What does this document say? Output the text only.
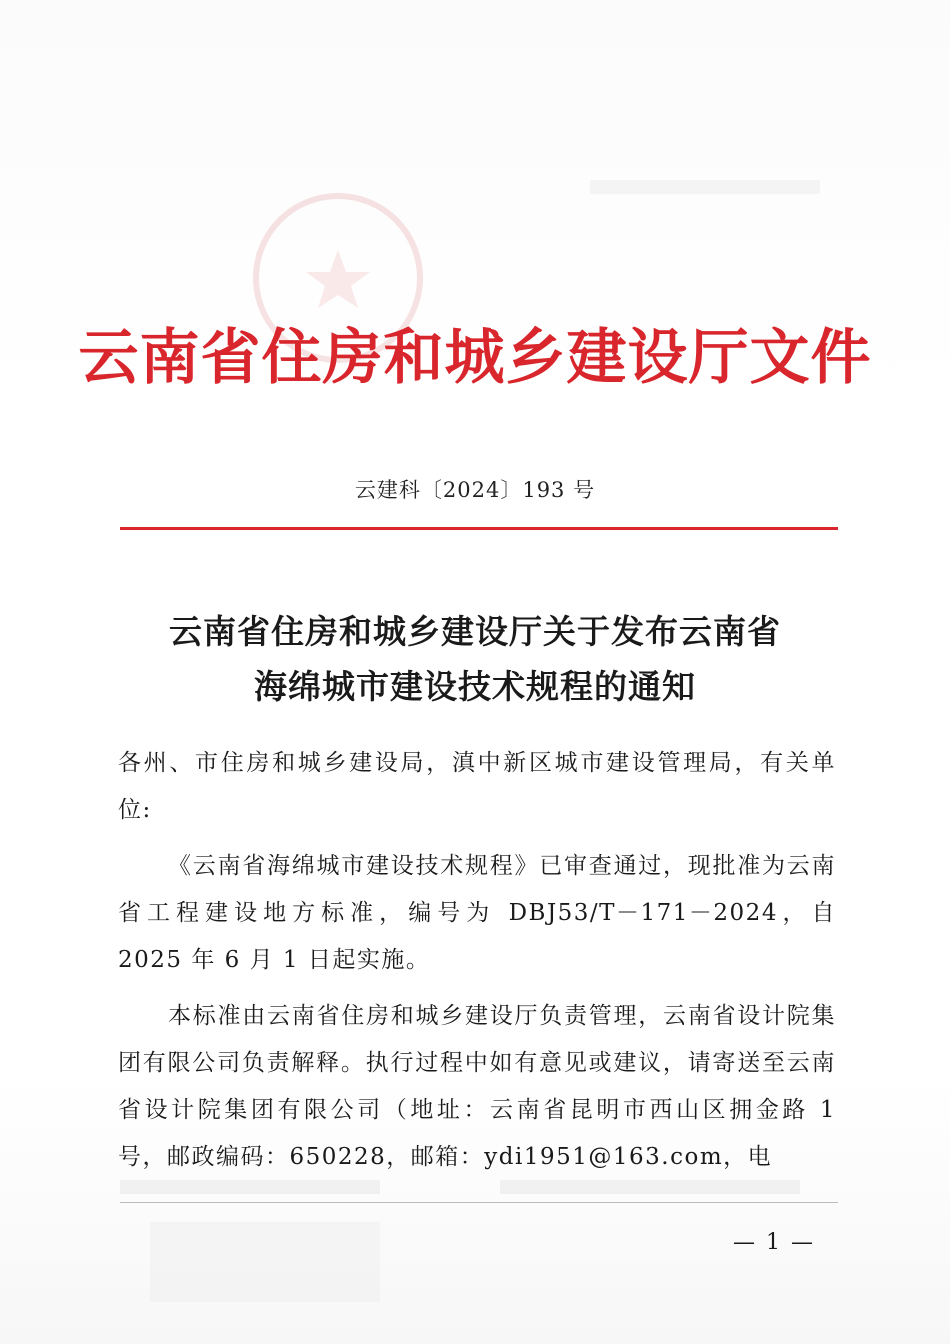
云南省住房和城乡建设厅文件
云建科〔2024〕193 号
云南省住房和城乡建设厅关于发布云南省
海绵城市建设技术规程的通知

各州、市住房和城乡建设局，滇中新区城市建设管理局，有关单位:

《云南省海绵城市建设技术规程》已审查通过，现批准为云南省工程建设地方标准，编号为 DBJ53/T－171－2024，自 2025 年 6 月 1 日起实施。

本标准由云南省住房和城乡建设厅负责管理，云南省设计院集团有限公司负责解释。执行过程中如有意见或建议，请寄送至云南省设计院集团有限公司（地址：云南省昆明市西山区拥金路 1 号，邮政编码：650228，邮箱：ydi1951@163.com，电

— 1 —
